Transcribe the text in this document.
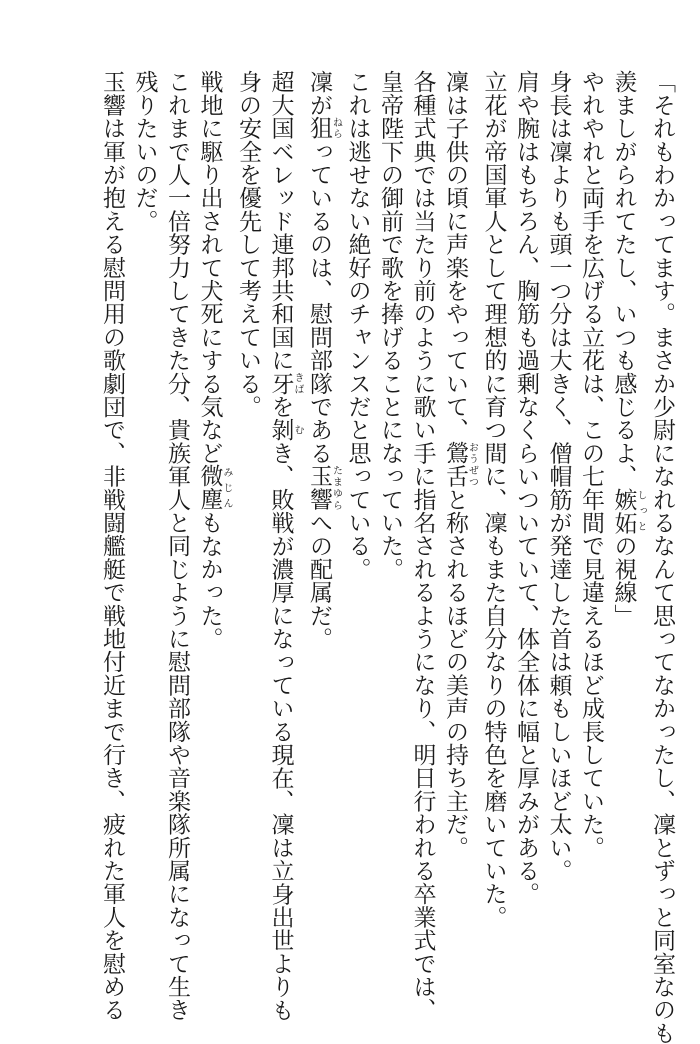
「それもわかってます。まさか少尉になれるなんて思ってなかったし、凜とずっと同室なのも
羨ましがられてたし、いつも感じるよ、嫉妬しっとの視線」
やれやれと両手を広げる立花は、この七年間で見違えるほど成長していた。
身長は凜よりも頭一つ分は大きく、僧帽筋が発達した首は頼もしいほど太い。
肩や腕はもちろん、胸筋も過剰なくらいついていて、体全体に幅と厚みがある。
立花が帝国軍人として理想的に育つ間に、凜もまた自分なりの特色を磨いていた。
凜は子供の頃に声楽をやっていて、鶯舌おうぜつと称されるほどの美声の持ち主だ。
各種式典では当たり前のように歌い手に指名されるようになり、明日行われる卒業式では、
皇帝陛下の御前で歌を捧げることになっていた。
これは逃せない絶好のチャンスだと思っている。
凜が狙ねらっているのは、慰問部隊である玉響たまゆらへの配属だ。
超大国ベレッド連邦共和国に牙きばを剝むき、敗戦が濃厚になっている現在、凜は立身出世よりも
身の安全を優先して考えている。
戦地に駆り出されて犬死にする気など微塵みじんもなかった。
これまで人一倍努力してきた分、貴族軍人と同じように慰問部隊や音楽隊所属になって生き
残りたいのだ。
玉響は軍が抱える慰問用の歌劇団で、非戦闘艦艇で戦地付近まで行き、疲れた軍人を慰める
